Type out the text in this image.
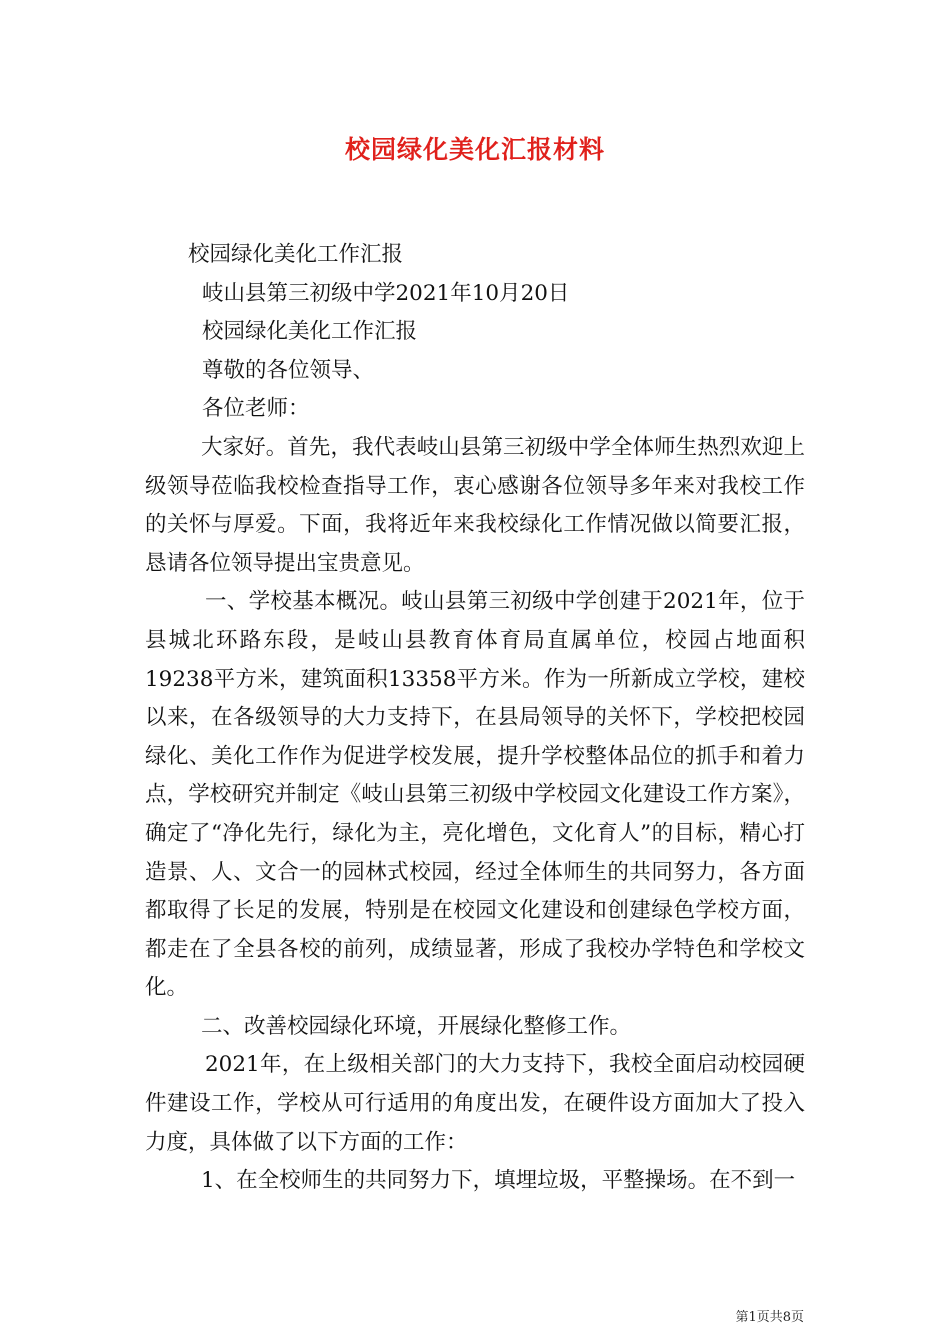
校园绿化美化汇报材料

校园绿化美化工作汇报

岐山县第三初级中学2021年10月20日

校园绿化美化工作汇报

尊敬的各位领导、

各位老师：

大家好。首先，我代表岐山县第三初级中学全体师生热烈欢迎上级领导莅临我校检查指导工作，衷心感谢各位领导多年来对我校工作的关怀与厚爱。下面，我将近年来我校绿化工作情况做以简要汇报，恳请各位领导提出宝贵意见。

一、学校基本概况。岐山县第三初级中学创建于2021年，位于县城北环路东段，是岐山县教育体育局直属单位，校园占地面积19238平方米，建筑面积13358平方米。作为一所新成立学校，建校以来，在各级领导的大力支持下，在县局领导的关怀下，学校把校园绿化、美化工作作为促进学校发展，提升学校整体品位的抓手和着力点，学校研究并制定《岐山县第三初级中学校园文化建设工作方案》，确定了“净化先行，绿化为主，亮化增色，文化育人”的目标，精心打造景、人、文合一的园林式校园，经过全体师生的共同努力，各方面都取得了长足的发展，特别是在校园文化建设和创建绿色学校方面，都走在了全县各校的前列，成绩显著，形成了我校办学特色和学校文化。

二、改善校园绿化环境，开展绿化整修工作。

2021年，在上级相关部门的大力支持下，我校全面启动校园硬件建设工作，学校从可行适用的角度出发，在硬件设方面加大了投入力度，具体做了以下方面的工作：

1、在全校师生的共同努力下，填埋垃圾，平整操场。在不到一

第1页共8页
